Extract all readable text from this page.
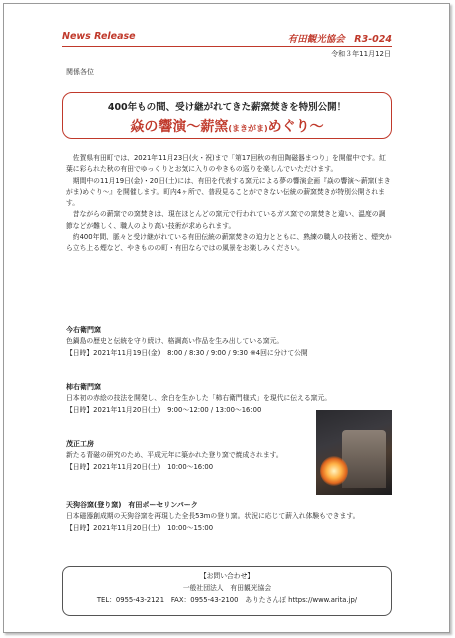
News Release	有田観光協会　R3-024
令和３年11月12日
関係各位
400年もの間、受け継がれてきた薪窯焚きを特別公開！
焱の響演～薪窯(まきがま)めぐり～

佐賀県有田町では、2021年11月23日(火・祝)まで「第17回秋の有田陶磁器まつり」を開催中です。紅葉に彩られた秋の有田でゆっくりとお気に入りのやきもの巡りを楽しんでいただけます。

期間中の11月19日(金)・20日(土)には、有田を代表する窯元による夢の響演企画『焱の響演～薪窯(まきがま)めぐり～』を開催します。町内4ヶ所で、普段見ることができない伝統の薪窯焚きが特別公開されます。

昔ながらの薪窯での窯焚きは、現在ほとんどの窯元で行われているガス窯での窯焚きと違い、温度の調節などが難しく、職人のより高い技術が求められます。

約400年間、脈々と受け継がれている有田伝統の薪窯焚きの迫力とともに、熟練の職人の技術と、煙突から立ち上る煙など、やきものの町・有田ならではの風景をお楽しみください。

今右衛門窯
色鍋島の歴史と伝統を守り続け、格調高い作品を生み出している窯元。
【日時】2021年11月19日(金)　8:00 / 8:30 / 9:00 / 9:30 ※4回に分けて公開
柿右衛門窯
日本初の赤絵の技法を開発し、余白を生かした「柿右衛門様式」を現代に伝える窯元。
【日時】2021年11月20日(土)　9:00～12:00 / 13:00～16:00
茂正工房
新たる青磁の研究のため、平成元年に築かれた登り窯で焼成されます。
【日時】2021年11月20日(土)　10:00～16:00
天狗谷窯(登り窯)　有田ポーセリンパーク
日本磁器創成期の天狗谷窯を再現した全長53mの登り窯。状況に応じて薪入れ体験もできます。
【日時】2021年11月20日(土)　10:00～15:00
【お問い合わせ】
一般社団法人　有田観光協会
TEL：0955-43-2121　FAX：0955-43-2100　ありたさんぽ https://www.arita.jp/
